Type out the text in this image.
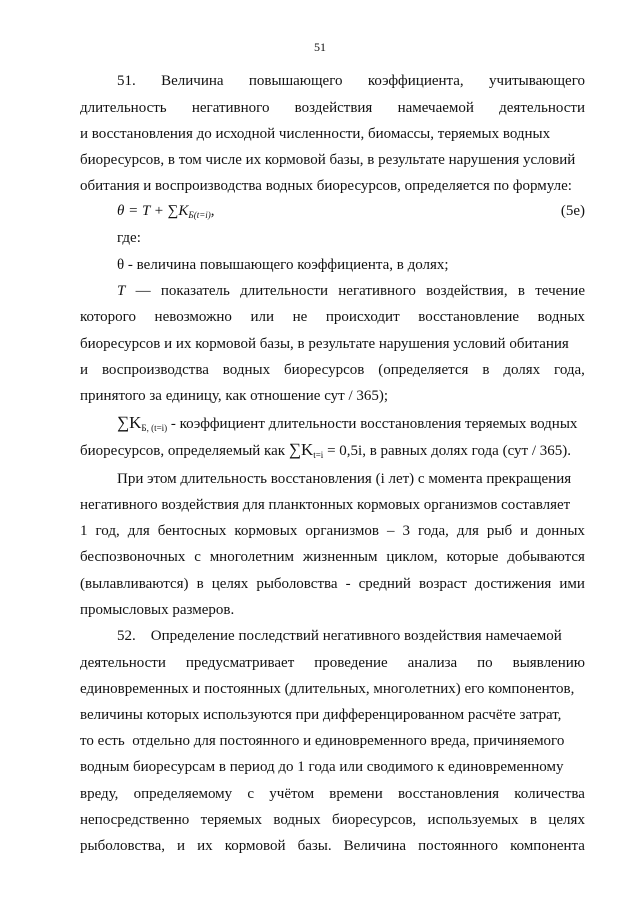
51
51. Величина повышающего коэффициента, учитывающего
длительность негативного воздействия намечаемой деятельности
и восстановления до исходной численности, биомассы, теряемых водных
биоресурсов, в том числе их кормовой базы, в результате нарушения условий
обитания и воспроизводства водных биоресурсов, определяется по формуле:
$\theta = T + \sum K_{Б(t=i)}$,	(5e)
где:
θ - величина повышающего коэффициента, в долях;
T — показатель длительности негативного воздействия, в течение
которого невозможно или не происходит восстановление водных
биоресурсов и их кормовой базы, в результате нарушения условий обитания
и воспроизводства водных биоресурсов (определяется в долях года,
принятого за единицу, как отношение сут / 365);
$\sum K_{Б, (t=i)}$ - коэффициент длительности восстановления теряемых водных
биоресурсов, определяемый как $\sum K_{t=i} = 0,5i$, в равных долях года (сут / 365).
При этом длительность восстановления (i лет) с момента прекращения
негативного воздействия для планктонных кормовых организмов составляет
1 год, для бентосных кормовых организмов – 3 года, для рыб и донных
беспозвоночных с многолетним жизненным циклом, которые добываются
(вылавливаются) в целях рыболовства - средний возраст достижения ими
промысловых размеров.
52.    Определение последствий негативного воздействия намечаемой
деятельности предусматривает проведение анализа по выявлению
единовременных и постоянных (длительных, многолетних) его компонентов,
величины которых используются при дифференцированном расчёте затрат,
то есть  отдельно для постоянного и единовременного вреда, причиняемого
водным биоресурсам в период до 1 года или сводимого к единовременному
вреду, определяемому с учётом времени восстановления количества
непосредственно теряемых водных биоресурсов, используемых в целях
рыболовства, и их кормовой базы. Величина постоянного компонента
